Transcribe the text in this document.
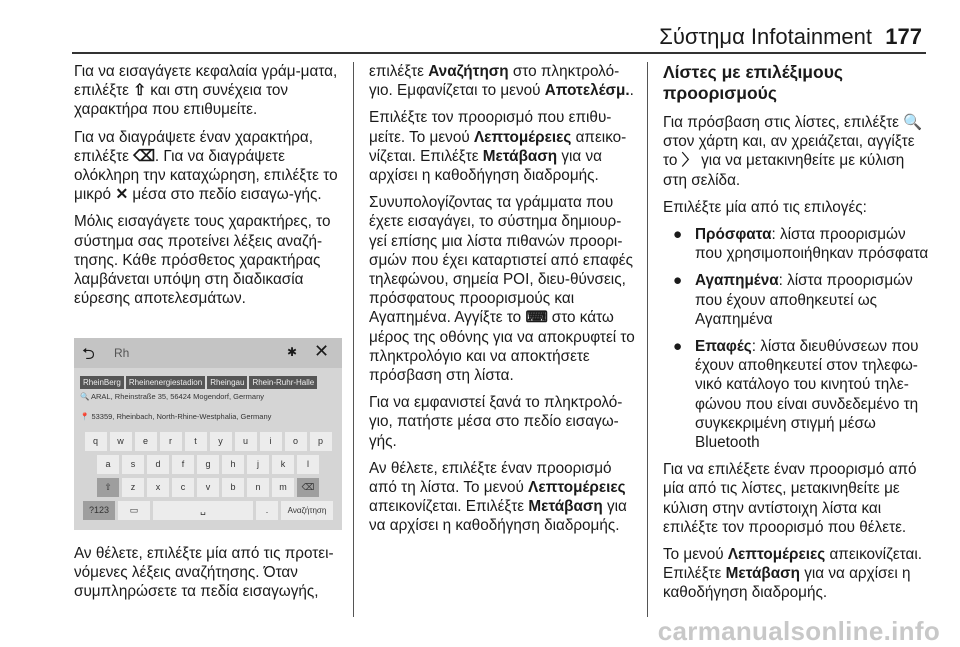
Σύστημα Infotainment 177

Για να εισαγάγετε κεφαλαία γράμ-ματα, επιλέξτε ⇧ και στη συνέχεια τον χαρακτήρα που επιθυμείτε.

Για να διαγράψετε έναν χαρακτήρα, επιλέξτε ⌫. Για να διαγράψετε ολόκληρη την καταχώρηση, επιλέξτε το μικρό ✕ μέσα στο πεδίο εισαγω-γής.

Μόλις εισαγάγετε τους χαρακτήρες, το σύστημα σας προτείνει λέξεις αναζή-τησης. Κάθε πρόσθετος χαρακτήρας λαμβάνεται υπόψη στη διαδικασία εύρεσης αποτελεσμάτων.

⮌ Rh	✱ ✕
RheinBerg Rheinenergiestadion Rheingau Rhein-Ruhr-Halle
🔍 ARAL, Rheinstraße 35, 56424 Mogendorf, Germany
📍 53359, Rheinbach, North-Rhine-Westphalia, Germany
q	w	e	r	t	y	u	i	o	p
a	s	d	f	g	h	j	k	l
⇧	z	x	c	v	b	n	m	⌫
?123	▭	␣	.	Αναζήτηση

Αν θέλετε, επιλέξτε μία από τις προτει-νόμενες λέξεις αναζήτησης. Όταν συμπληρώσετε τα πεδία εισαγωγής,

επιλέξτε Αναζήτηση στο πληκτρολό-γιο. Εμφανίζεται το μενού Αποτελέσμ..

Επιλέξτε τον προορισμό που επιθυ-μείτε. Το μενού Λεπτομέρειες απεικο-νίζεται. Επιλέξτε Μετάβαση για να αρχίσει η καθοδήγηση διαδρομής.

Συνυπολογίζοντας τα γράμματα που έχετε εισαγάγει, το σύστημα δημιουρ-γεί επίσης μια λίστα πιθανών προορι-σμών που έχει καταρτιστεί από επαφές τηλεφώνου, σημεία POI, διευ-θύνσεις, πρόσφατους προορισμούς και Αγαπημένα. Αγγίξτε το ⌨ στο κάτω μέρος της οθόνης για να αποκρυφτεί το πληκτρολόγιο και να αποκτήσετε πρόσβαση στη λίστα.

Για να εμφανιστεί ξανά το πληκτρολό-γιο, πατήστε μέσα στο πεδίο εισαγω-γής.

Αν θέλετε, επιλέξτε έναν προορισμό από τη λίστα. Το μενού Λεπτομέρειες απεικονίζεται. Επιλέξτε Μετάβαση για να αρχίσει η καθοδήγηση διαδρομής.

Λίστες με επιλέξιμους προορισμούς

Για πρόσβαση στις λίστες, επιλέξτε 🔍 στον χάρτη και, αν χρειάζεται, αγγίξτε το 〉 για να μετακινηθείτε με κύλιση στη σελίδα.

Επιλέξτε μία από τις επιλογές:

● Πρόσφατα: λίστα προορισμών που χρησιμοποιήθηκαν πρόσφατα
● Αγαπημένα: λίστα προορισμών που έχουν αποθηκευτεί ως Αγαπημένα
● Επαφές: λίστα διευθύνσεων που έχουν αποθηκευτεί στον τηλεφω-νικό κατάλογο του κινητού τηλε-φώνου που είναι συνδεδεμένο τη συγκεκριμένη στιγμή μέσω Bluetooth

Για να επιλέξετε έναν προορισμό από μία από τις λίστες, μετακινηθείτε με κύλιση στην αντίστοιχη λίστα και επιλέξτε τον προορισμό που θέλετε.

Το μενού Λεπτομέρειες απεικονίζεται. Επιλέξτε Μετάβαση για να αρχίσει η καθοδήγηση διαδρομής.

carmanualsonline.info
